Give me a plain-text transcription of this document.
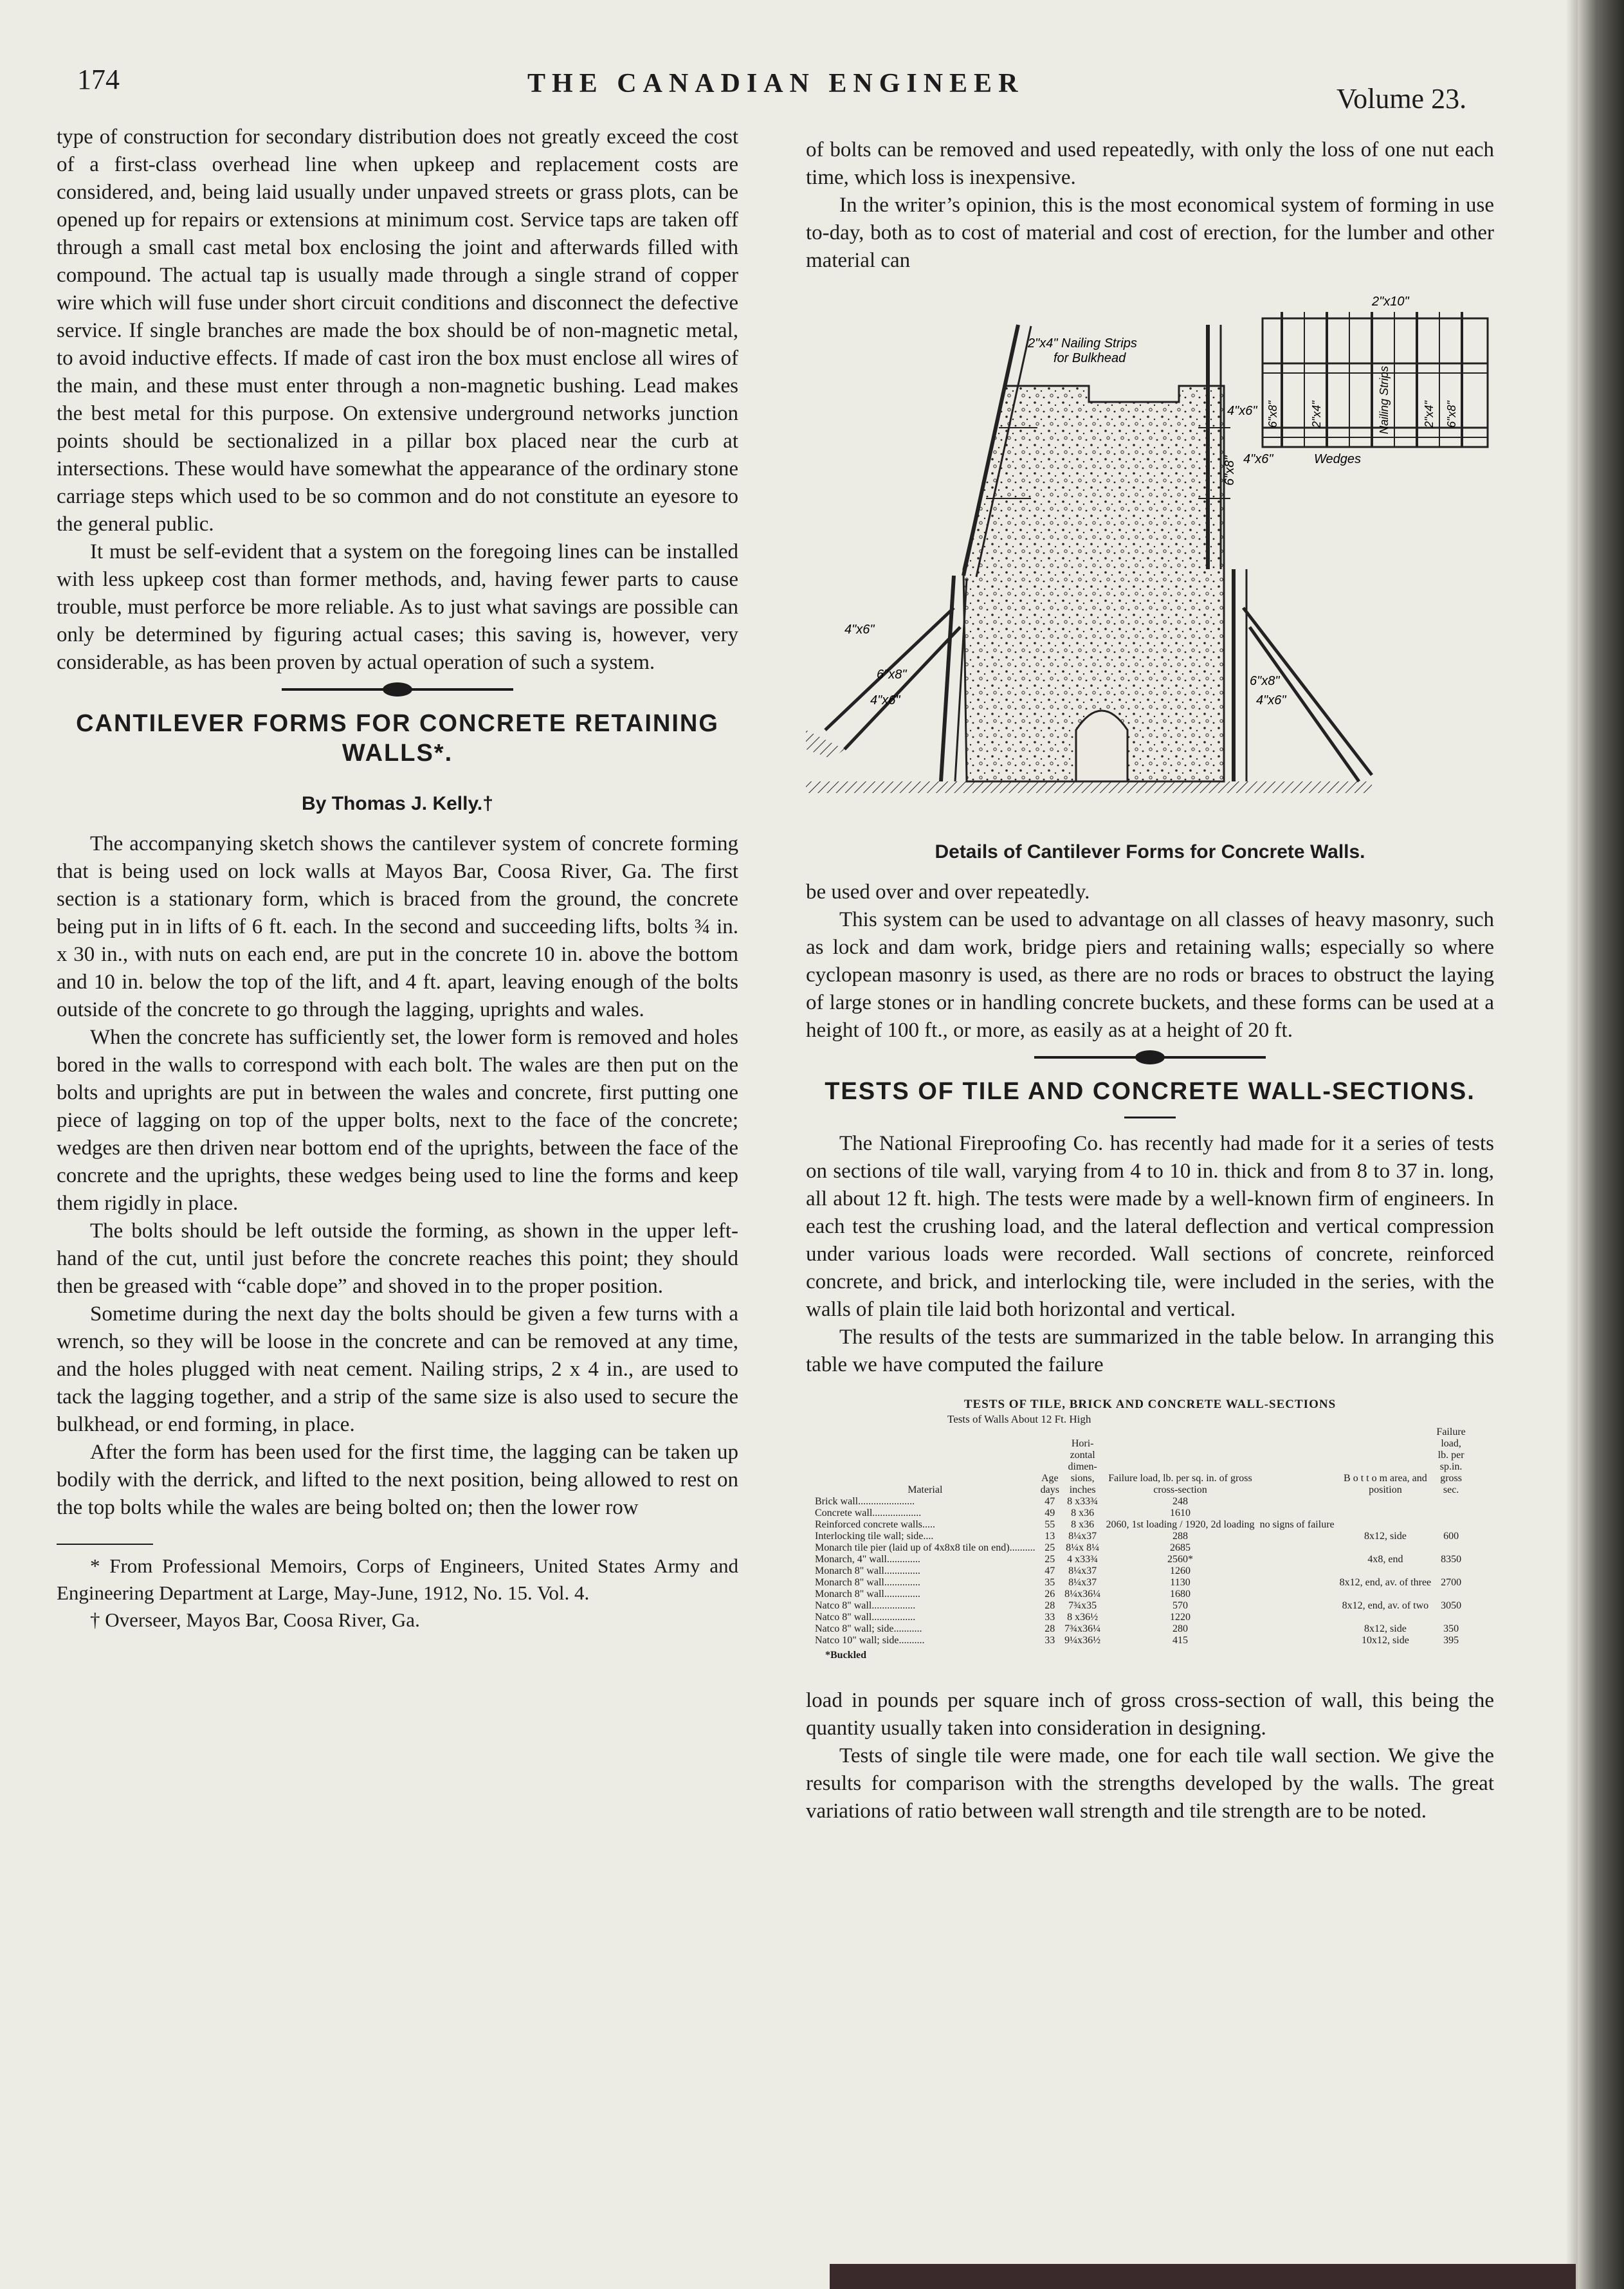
174	THE CANADIAN ENGINEER	Volume 23.

type of construction for secondary distribution does not greatly exceed the cost of a first-class overhead line when upkeep and replacement costs are considered, and, being laid usually under unpaved streets or grass plots, can be opened up for repairs or extensions at minimum cost. Service taps are taken off through a small cast metal box enclosing the joint and afterwards filled with compound. The actual tap is usually made through a single strand of copper wire which will fuse under short circuit conditions and disconnect the defective service. If single branches are made the box should be of non-magnetic metal, to avoid inductive effects. If made of cast iron the box must enclose all wires of the main, and these must enter through a non-magnetic bushing. Lead makes the best metal for this purpose. On extensive underground networks junction points should be sectionalized in a pillar box placed near the curb at intersections. These would have somewhat the appearance of the ordinary stone carriage steps which used to be so common and do not constitute an eyesore to the general public.

It must be self-evident that a system on the foregoing lines can be installed with less upkeep cost than former methods, and, having fewer parts to cause trouble, must perforce be more reliable. As to just what savings are possible can only be determined by figuring actual cases; this saving is, however, very considerable, as has been proven by actual operation of such a system.

CANTILEVER FORMS FOR CONCRETE RETAINING WALLS*.
By Thomas J. Kelly.†

The accompanying sketch shows the cantilever system of concrete forming that is being used on lock walls at Mayos Bar, Coosa River, Ga. The first section is a stationary form, which is braced from the ground, the concrete being put in in lifts of 6 ft. each. In the second and succeeding lifts, bolts ¾ in. x 30 in., with nuts on each end, are put in the concrete 10 in. above the bottom and 10 in. below the top of the lift, and 4 ft. apart, leaving enough of the bolts outside of the concrete to go through the lagging, uprights and wales.

When the concrete has sufficiently set, the lower form is removed and holes bored in the walls to correspond with each bolt. The wales are then put on the bolts and uprights are put in between the wales and concrete, first putting one piece of lagging on top of the upper bolts, next to the face of the concrete; wedges are then driven near bottom end of the uprights, between the face of the concrete and the uprights, these wedges being used to line the forms and keep them rigidly in place.

The bolts should be left outside the forming, as shown in the upper left-hand of the cut, until just before the concrete reaches this point; they should then be greased with “cable dope” and shoved in to the proper position.

Sometime during the next day the bolts should be given a few turns with a wrench, so they will be loose in the concrete and can be removed at any time, and the holes plugged with neat cement. Nailing strips, 2 x 4 in., are used to tack the lagging together, and a strip of the same size is also used to secure the bulkhead, or end forming, in place.

After the form has been used for the first time, the lagging can be taken up bodily with the derrick, and lifted to the next position, being allowed to rest on the top bolts while the wales are being bolted on; then the lower row

* From Professional Memoirs, Corps of Engineers, United States Army and Engineering Department at Large, May-June, 1912, No. 15. Vol. 4.

† Overseer, Mayos Bar, Coosa River, Ga.

of bolts can be removed and used repeatedly, with only the loss of one nut each time, which loss is inexpensive.

In the writer’s opinion, this is the most economical system of forming in use to-day, both as to cost of material and cost of erection, for the lumber and other material can

2"x4" Nailing Strips
for Bulkhead
2"x10"
4"x6"
6"x8"
4"x6"
6"x8"
4"x6"
6"x8"
4"x6"
6"x8"	2"x4"	Nailing Strips	2"x4" 6"x8"
4"x6"	Wedges
Details of Cantilever Forms for Concrete Walls.

be used over and over repeatedly.

This system can be used to advantage on all classes of heavy masonry, such as lock and dam work, bridge piers and retaining walls; especially so where cyclopean masonry is used, as there are no rods or braces to obstruct the laying of large stones or in handling concrete buckets, and these forms can be used at a height of 100 ft., or more, as easily as at a height of 20 ft.

TESTS OF TILE AND CONCRETE WALL-SECTIONS.

The National Fireproofing Co. has recently had made for it a series of tests on sections of tile wall, varying from 4 to 10 in. thick and from 8 to 37 in. long, all about 12 ft. high. The tests were made by a well-known firm of engineers. In each test the crushing load, and the lateral deflection and vertical compression under various loads were recorded. Wall sections of concrete, reinforced concrete, and brick, and interlocking tile, were included in the series, with the walls of plain tile laid both horizontal and vertical.

The results of the tests are summarized in the table below. In arranging this table we have computed the failure

TESTS OF TILE, BRICK AND CONCRETE WALL-SECTIONS
Tests of Walls About 12 Ft. High
Material	Age days	Hori-zontal dimen-sions, inches	Failure load, lb. per sq. in. of gross cross-section		B o t t o m area, and position	Failure load, lb. per sp.in. gross sec.
Brick wall......................	47	8 x33¾	248			
Concrete wall...................	49	8 x36	1610			
Reinforced concrete walls.....	55	8 x36	2060, 1st loading / 1920, 2d loading	no signs of failure		
Interlocking tile wall; side....	13	8¼x37	288		8x12, side	600
Monarch tile pier (laid up of 4x8x8 tile on end)..........	25	8¼x 8¼	2685			
Monarch, 4" wall.............	25	4 x33¾	2560*		4x8, end	8350
Monarch 8" wall..............	47	8¼x37	1260			
Monarch 8" wall..............	35	8¼x37	1130		8x12, end, av. of three	2700
Monarch 8" wall..............	26	8¼x36¼	1680			
Natco 8" wall.................	28	7¾x35	570		8x12, end, av. of two	3050
Natco 8" wall.................	33	8 x36½	1220			
Natco 8" wall; side...........	28	7¾x36¼	280		8x12, side	350
Natco 10" wall; side..........	33	9¼x36½	415		10x12, side	395
*Buckled

load in pounds per square inch of gross cross-section of wall, this being the quantity usually taken into consideration in designing.

Tests of single tile were made, one for each tile wall section. We give the results for comparison with the strengths developed by the walls. The great variations of ratio between wall strength and tile strength are to be noted.
